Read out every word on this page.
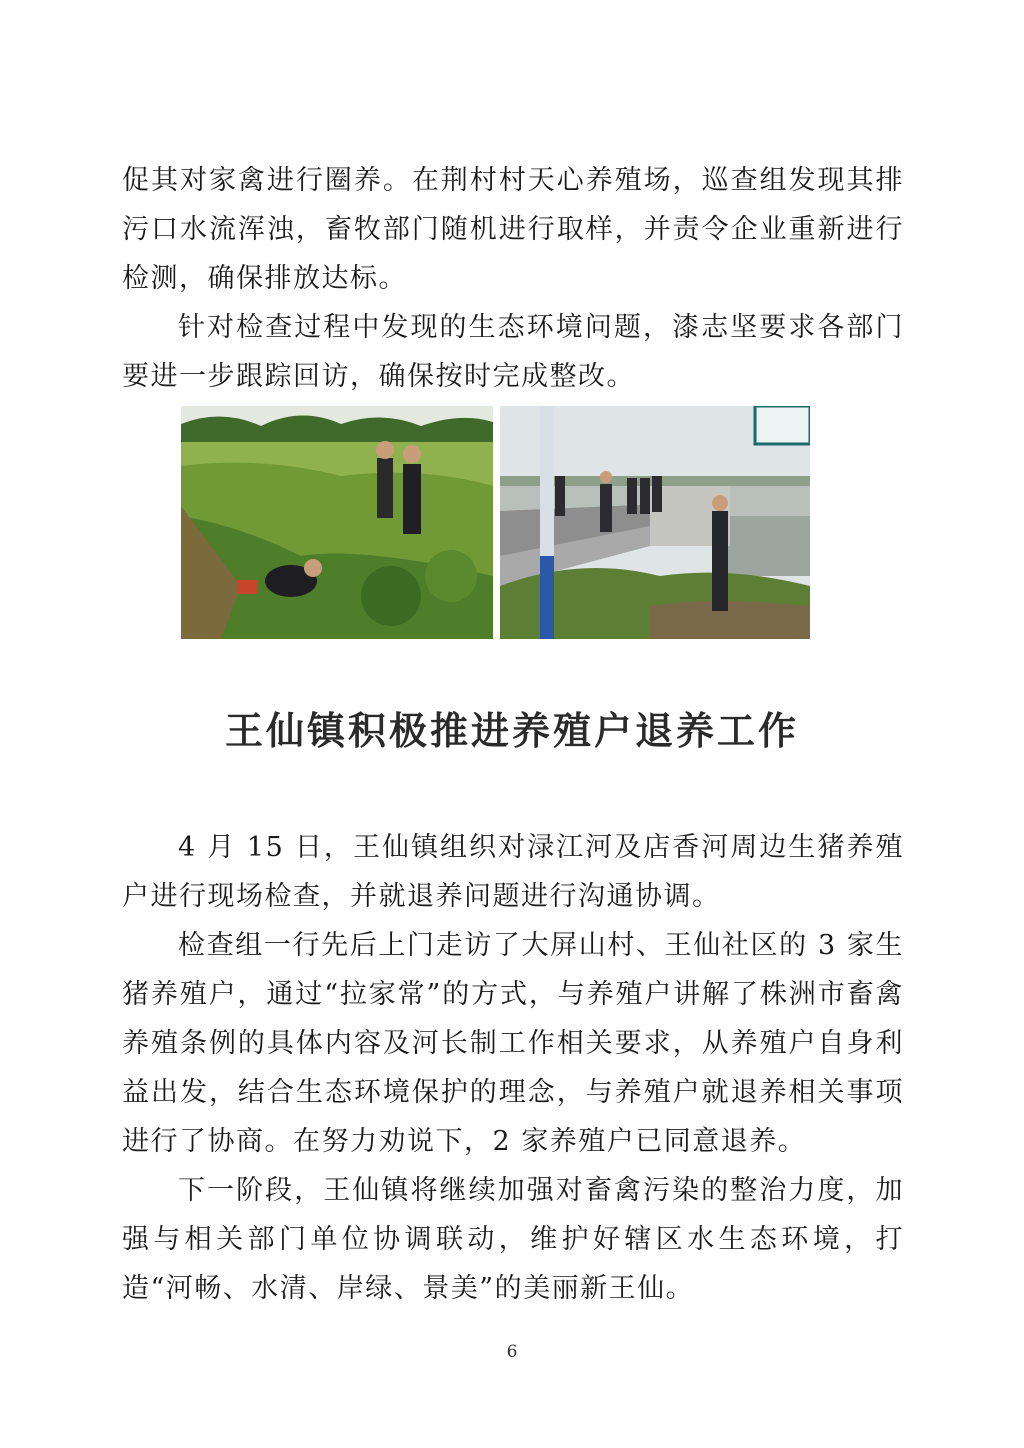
促其对家禽进行圈养。在荆村村天心养殖场，巡查组发现其排污口水流浑浊，畜牧部门随机进行取样，并责令企业重新进行检测，确保排放达标。

针对检查过程中发现的生态环境问题，漆志坚要求各部门要进一步跟踪回访，确保按时完成整改。

王仙镇积极推进养殖户退养工作

4 月 15 日，王仙镇组织对渌江河及店香河周边生猪养殖户进行现场检查，并就退养问题进行沟通协调。

检查组一行先后上门走访了大屏山村、王仙社区的 3 家生猪养殖户，通过“拉家常”的方式，与养殖户讲解了株洲市畜禽养殖条例的具体内容及河长制工作相关要求，从养殖户自身利益出发，结合生态环境保护的理念，与养殖户就退养相关事项进行了协商。在努力劝说下，2 家养殖户已同意退养。

下一阶段，王仙镇将继续加强对畜禽污染的整治力度，加强与相关部门单位协调联动，维护好辖区水生态环境，打造“河畅、水清、岸绿、景美”的美丽新王仙。

6
